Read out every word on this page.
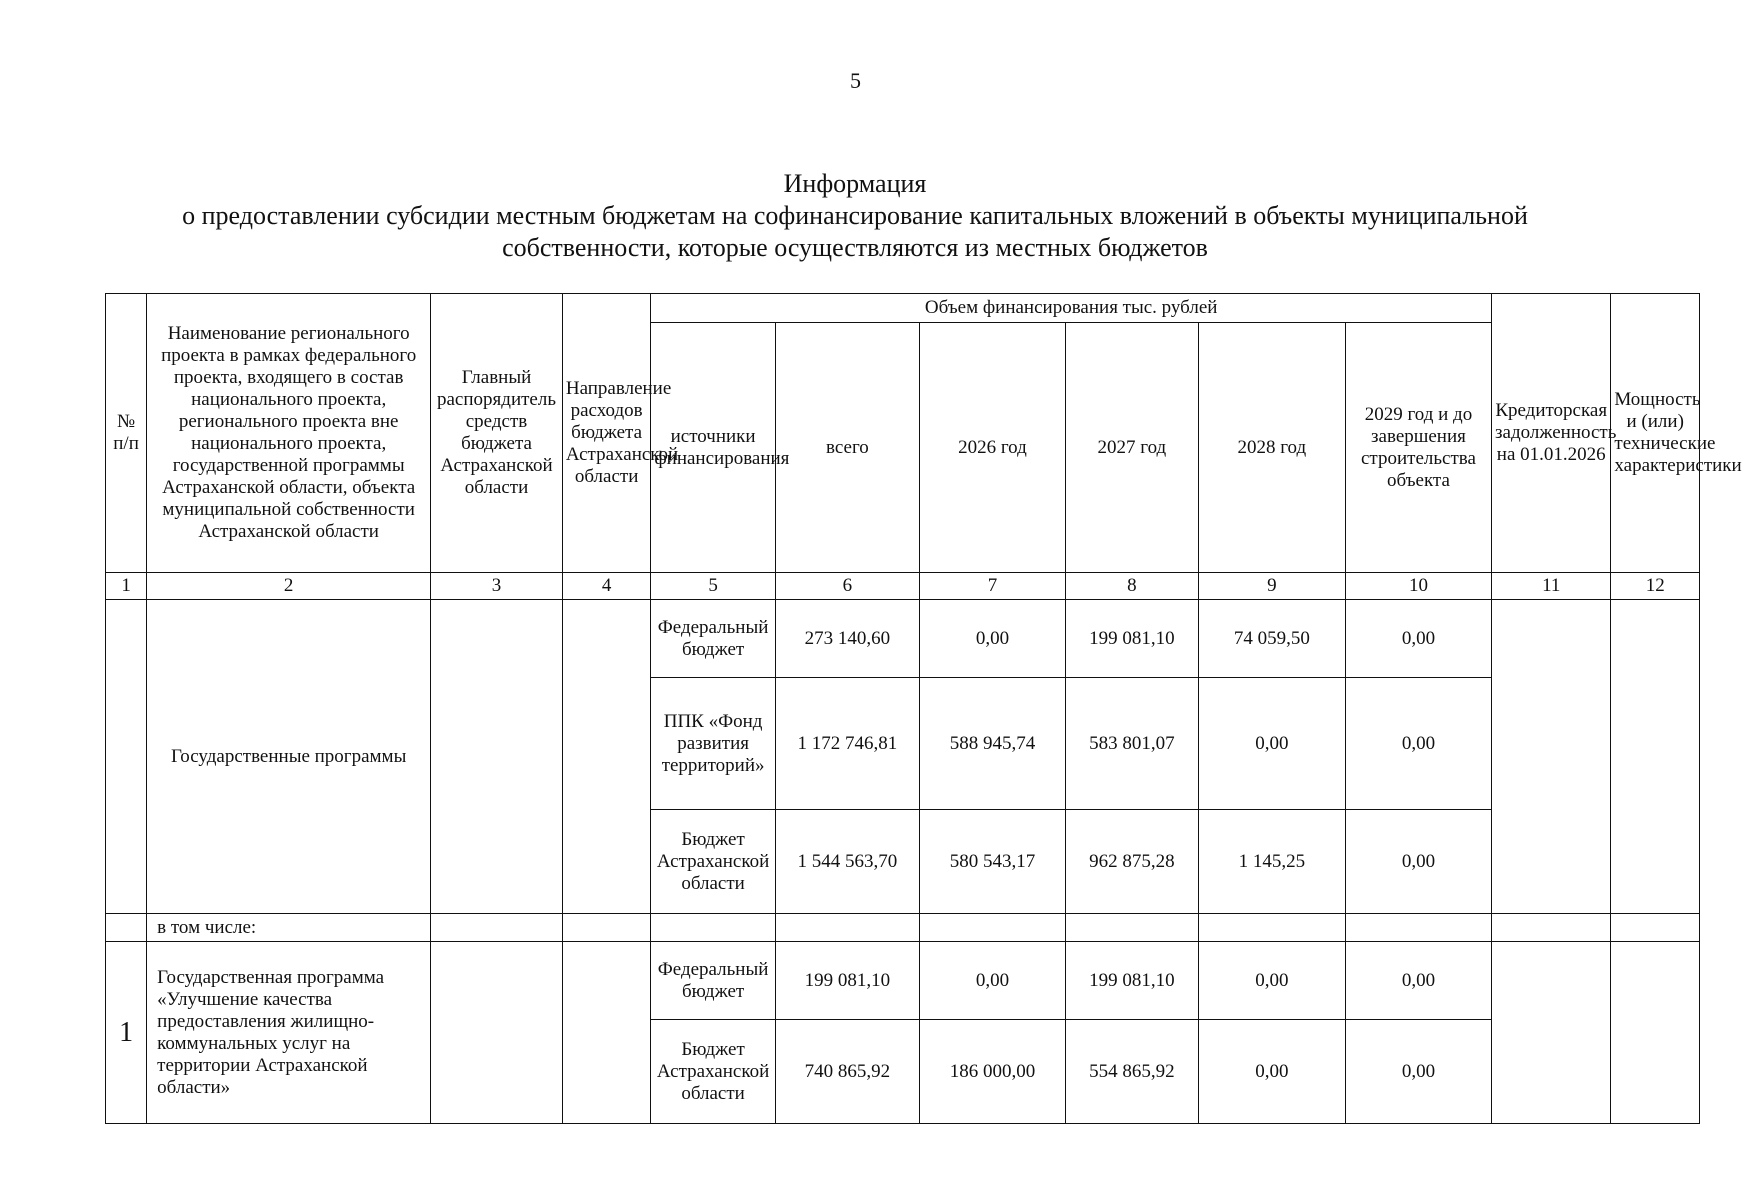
5
Информация
о предоставлении субсидии местным бюджетам на софинансирование капитальных вложений в объекты муниципальной собственности, которые осуществляются из местных бюджетов
№ п/п	Наименование регионального проекта в рамках федерального проекта, входящего в состав национального проекта, регионального проекта вне национального проекта, государственной программы Астраханской области, объекта муниципальной собственности Астраханской области	Главный распорядитель средств бюджета Астраханской области	Направление расходов бюджета Астраханской области	Объем финансирования тыс. рублей						Кредиторская задолженность на 01.01.2026	Мощность и (или) технические характеристики
				источники финансирования	всего	2026 год	2027 год	2028 год	2029 год и до завершения строительства объекта		
1	2	3	4	5	6	7	8	9	10	11	12
	Государственные программы			Федеральный бюджет	273 140,60	0,00	199 081,10	74 059,50	0,00		
				ППК «Фонд развития территорий»	1 172 746,81	588 945,74	583 801,07	0,00	0,00		
				Бюджет Астраханской области	1 544 563,70	580 543,17	962 875,28	1 145,25	0,00		
	в том числе:										
1	Государственная программа «Улучшение качества предоставления жилищно-коммунальных услуг на территории Астраханской области»			Федеральный бюджет	199 081,10	0,00	199 081,10	0,00	0,00		
				Бюджет Астраханской области	740 865,92	186 000,00	554 865,92	0,00	0,00		
